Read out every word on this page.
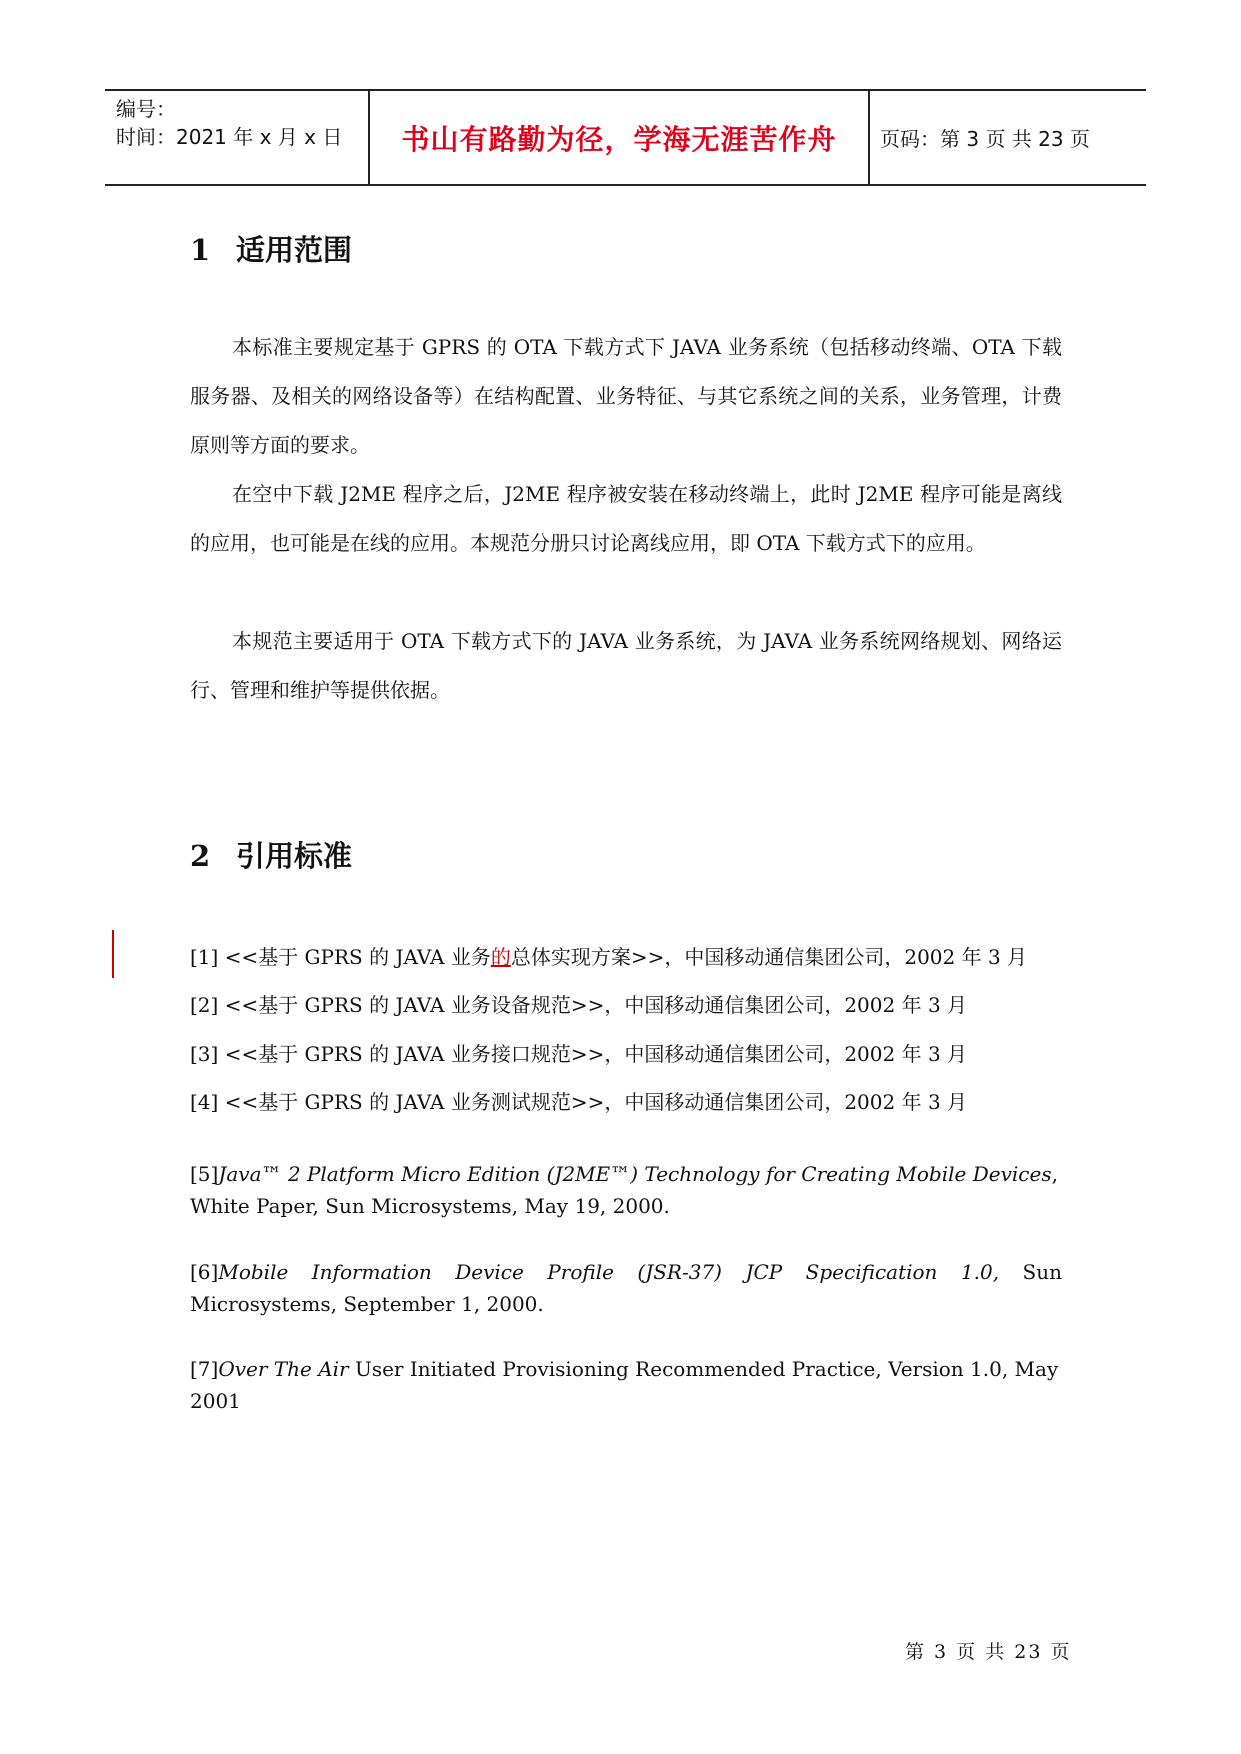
编号：
时间：2021 年 x 月 x 日 书山有路勤为径，学海无涯苦作舟 页码：第 3 页 共 23 页
1 适用范围
本标准主要规定基于 GPRS 的 OTA 下载方式下 JAVA 业务系统（包括移动终端、OTA 下载服务器、及相关的网络设备等）在结构配置、业务特征、与其它系统之间的关系，业务管理，计费原则等方面的要求。
在空中下载 J2ME 程序之后，J2ME 程序被安装在移动终端上，此时 J2ME 程序可能是离线的应用，也可能是在线的应用。本规范分册只讨论离线应用，即 OTA 下载方式下的应用。
本规范主要适用于 OTA 下载方式下的 JAVA 业务系统，为 JAVA 业务系统网络规划、网络运行、管理和维护等提供依据。
2 引用标准
[1] <<基于 GPRS 的 JAVA 业务的总体实现方案>>，中国移动通信集团公司，2002 年 3 月
[2] <<基于 GPRS 的 JAVA 业务设备规范>>，中国移动通信集团公司，2002 年 3 月
[3] <<基于 GPRS 的 JAVA 业务接口规范>>，中国移动通信集团公司，2002 年 3 月
[4] <<基于 GPRS 的 JAVA 业务测试规范>>，中国移动通信集团公司，2002 年 3 月
[5]Java™ 2 Platform Micro Edition (J2ME™) Technology for Creating Mobile Devices, White Paper, Sun Microsystems, May 19, 2000.
[6]Mobile Information Device Profile (JSR-37) JCP Specification 1.0, Sun Microsystems, September 1, 2000.
[7]Over The Air User Initiated Provisioning Recommended Practice, Version 1.0, May 2001
第 3 页 共 23 页
